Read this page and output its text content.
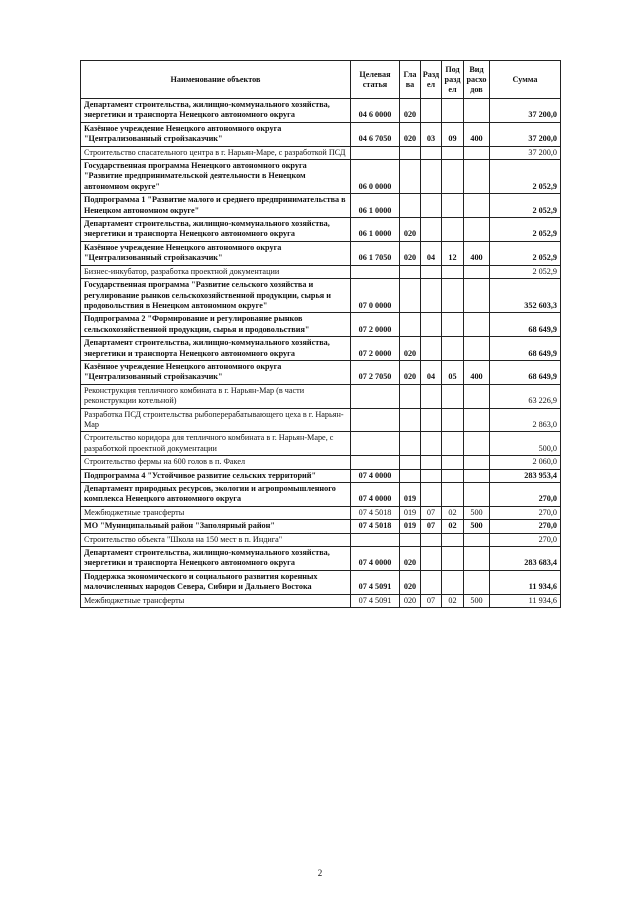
Наименование объектов	Целевая статья	Гла ва	Разд ел	Под разд ел	Вид расхо дов	Сумма
Департамент строительства, жилищно-коммунального хозяйства, энергетики и транспорта Ненецкого автономного округа	04 6 0000	020				37 200,0
Казённое учреждение Ненецкого автономного округа "Централизованный стройзаказчик"	04 6 7050	020	03	09	400	37 200,0
Строительство спасательного центра в г. Нарьян-Маре, с разработкой ПСД						37 200,0
Государственная программа Ненецкого автономного округа "Развитие предпринимательской деятельности в Ненецком автономном округе"	06 0 0000					2 052,9
Подпрограмма 1 "Развитие малого и среднего предпринимательства в Ненецком автономном округе"	06 1 0000					2 052,9
Департамент строительства, жилищно-коммунального хозяйства, энергетики и транспорта Ненецкого автономного округа	06 1 0000	020				2 052,9
Казённое учреждение Ненецкого автономного округа "Централизованный стройзаказчик"	06 1 7050	020	04	12	400	2 052,9
Бизнес-инкубатор, разработка проектной документации						2 052,9
Государственная программа "Развитие сельского хозяйства и регулирование рынков сельскохозяйственной продукции, сырья и продовольствия в Ненецком автономном округе"	07 0 0000					352 603,3
Подпрограмма 2 "Формирование и регулирование рынков сельскохозяйственной продукции, сырья и продовольствия"	07 2 0000					68 649,9
Департамент строительства, жилищно-коммунального хозяйства, энергетики и транспорта Ненецкого автономного округа	07 2 0000	020				68 649,9
Казённое учреждение Ненецкого автономного округа "Централизованный стройзаказчик"	07 2 7050	020	04	05	400	68 649,9
Реконструкция тепличного комбината в г. Нарьян-Мар (в части реконструкции котельной)						63 226,9
Разработка ПСД строительства рыбоперерабатывающего цеха в г. Нарьян-Мар						2 863,0
Строительство коридора для тепличного комбината в г. Нарьян-Маре, с разработкой проектной документации						500,0
Строительство фермы на 600 голов в п. Факел						2 060,0
Подпрограмма 4 "Устойчивое развитие сельских территорий"	07 4 0000					283 953,4
Департамент природных ресурсов, экологии и агропромышленного комплекса Ненецкого автономного округа	07 4 0000	019				270,0
Межбюджетные трансферты	07 4 5018	019	07	02	500	270,0
МО "Муниципальный район "Заполярный район"	07 4 5018	019	07	02	500	270,0
Строительство объекта "Школа на 150 мест в п. Индига"						270,0
Департамент строительства, жилищно-коммунального хозяйства, энергетики и транспорта Ненецкого автономного округа	07 4 0000	020				283 683,4
Поддержка экономического и социального развития коренных малочисленных народов Севера, Сибири и Дальнего Востока	07 4 5091	020				11 934,6
Межбюджетные трансферты	07 4 5091	020	07	02	500	11 934,6
2
